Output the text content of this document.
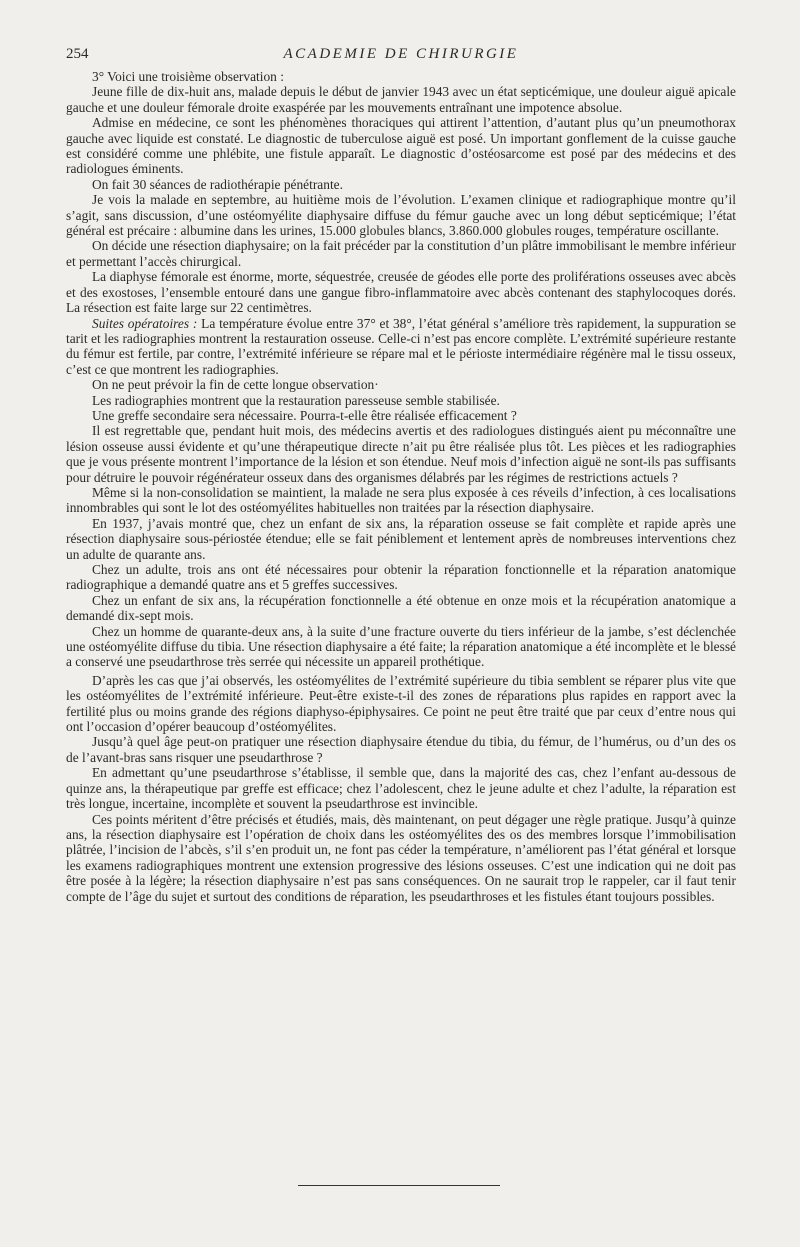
254	ACADEMIE DE CHIRURGIE

3° Voici une troisième observation :

Jeune fille de dix-huit ans, malade depuis le début de janvier 1943 avec un état septicémique, une douleur aiguë apicale gauche et une douleur fémorale droite exaspérée par les mouvements entraînant une impotence absolue.

Admise en médecine, ce sont les phénomènes thoraciques qui attirent l’attention, d’autant plus qu’un pneumothorax gauche avec liquide est constaté. Le diagnostic de tuberculose aiguë est posé. Un important gonflement de la cuisse gauche est considéré comme une phlébite, une fistule apparaît. Le diagnostic d’ostéosarcome est posé par des médecins et des radiologues éminents.

On fait 30 séances de radiothérapie pénétrante.

Je vois la malade en septembre, au huitième mois de l’évolution. L’examen clinique et radiographique montre qu’il s’agit, sans discussion, d’une ostéomyélite diaphysaire diffuse du fémur gauche avec un long début septicémique; l’état général est précaire : albumine dans les urines, 15.000 globules blancs, 3.860.000 globules rouges, température oscillante.

On décide une résection diaphysaire; on la fait précéder par la constitution d’un plâtre immobilisant le membre inférieur et permettant l’accès chirurgical.

La diaphyse fémorale est énorme, morte, séquestrée, creusée de géodes elle porte des proliférations osseuses avec abcès et des exostoses, l’ensemble entouré dans une gangue fibro-inflammatoire avec abcès contenant des staphylocoques dorés. La résection est faite large sur 22 centimètres.

Suites opératoires : La température évolue entre 37° et 38°, l’état général s’améliore très rapidement, la suppuration se tarit et les radiographies montrent la restauration osseuse. Celle-ci n’est pas encore complète. L’extrémité supérieure restante du fémur est fertile, par contre, l’extrémité inférieure se répare mal et le périoste intermédiaire régénère mal le tissu osseux, c’est ce que montrent les radiographies.

On ne peut prévoir la fin de cette longue observation·

Les radiographies montrent que la restauration paresseuse semble stabilisée.

Une greffe secondaire sera nécessaire. Pourra-t-elle être réalisée efficacement ?

Il est regrettable que, pendant huit mois, des médecins avertis et des radiologues distingués aient pu méconnaître une lésion osseuse aussi évidente et qu’une thérapeutique directe n’ait pu être réalisée plus tôt. Les pièces et les radiographies que je vous présente montrent l’importance de la lésion et son étendue. Neuf mois d’infection aiguë ne sont-ils pas suffisants pour détruire le pouvoir régénérateur osseux dans des organismes délabrés par les régimes de restrictions actuels ?

Même si la non-consolidation se maintient, la malade ne sera plus exposée à ces réveils d’infection, à ces localisations innombrables qui sont le lot des ostéomyélites habituelles non traitées par la résection diaphysaire.

En 1937, j’avais montré que, chez un enfant de six ans, la réparation osseuse se fait complète et rapide après une résection diaphysaire sous-périostée étendue; elle se fait péniblement et lentement après de nombreuses interventions chez un adulte de quarante ans.

Chez un adulte, trois ans ont été nécessaires pour obtenir la réparation fonctionnelle et la réparation anatomique radiographique a demandé quatre ans et 5 greffes successives.

Chez un enfant de six ans, la récupération fonctionnelle a été obtenue en onze mois et la récupération anatomique a demandé dix-sept mois.

Chez un homme de quarante-deux ans, à la suite d’une fracture ouverte du tiers inférieur de la jambe, s’est déclenchée une ostéomyélite diffuse du tibia. Une résection diaphysaire a été faite; la réparation anatomique a été incomplète et le blessé a conservé une pseudarthrose très serrée qui nécessite un appareil prothétique.

D’après les cas que j’ai observés, les ostéomyélites de l’extrémité supérieure du tibia semblent se réparer plus vite que les ostéomyélites de l’extrémité inférieure. Peut-être existe-t-il des zones de réparations plus rapides en rapport avec la fertilité plus ou moins grande des régions diaphyso-épiphysaires. Ce point ne peut être traité que par ceux d’entre nous qui ont l’occasion d’opérer beaucoup d’ostéomyélites.

Jusqu’à quel âge peut-on pratiquer une résection diaphysaire étendue du tibia, du fémur, de l’humérus, ou d’un des os de l’avant-bras sans risquer une pseudarthrose ?

En admettant qu’une pseudarthrose s’établisse, il semble que, dans la majorité des cas, chez l’enfant au-dessous de quinze ans, la thérapeutique par greffe est efficace; chez l’adolescent, chez le jeune adulte et chez l’adulte, la réparation est très longue, incertaine, incomplète et souvent la pseudarthrose est invincible.

Ces points méritent d’être précisés et étudiés, mais, dès maintenant, on peut dégager une règle pratique. Jusqu’à quinze ans, la résection diaphysaire est l’opération de choix dans les ostéomyélites des os des membres lorsque l’immobilisation plâtrée, l’incision de l’abcès, s’il s’en produit un, ne font pas céder la température, n’améliorent pas l’état général et lorsque les examens radiographiques montrent une extension progressive des lésions osseuses. C’est une indication qui ne doit pas être posée à la légère; la résection diaphysaire n’est pas sans conséquences. On ne saurait trop le rappeler, car il faut tenir compte de l’âge du sujet et surtout des conditions de réparation, les pseudarthroses et les fistules étant toujours possibles.
